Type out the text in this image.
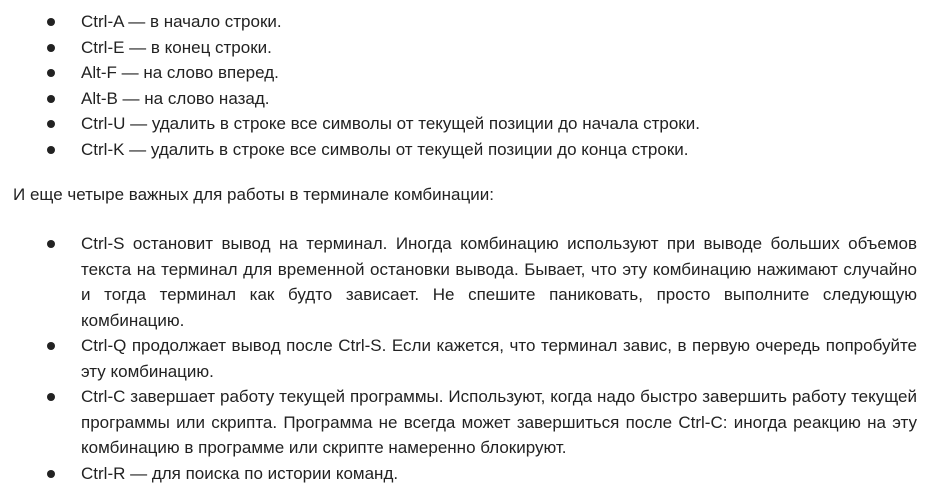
Ctrl-A — в начало строки.
Ctrl-E — в конец строки.
Alt-F — на слово вперед.
Alt-B — на слово назад.
Ctrl-U — удалить в строке все символы от текущей позиции до начала строки.
Ctrl-K — удалить в строке все символы от текущей позиции до конца строки.

И еще четыре важных для работы в терминале комбинации:

Ctrl-S остановит вывод на терминал. Иногда комбинацию используют при выводе больших объемов текста на терминал для временной остановки вывода. Бывает, что эту комбинацию нажимают случайно и тогда терминал как будто зависает. Не спешите паниковать, просто выполните следующую комбинацию.
Ctrl-Q продолжает вывод после Ctrl-S. Если кажется, что терминал завис, в первую очередь попробуйте эту комбинацию.
Ctrl-C завершает работу текущей программы. Используют, когда надо быстро завершить работу текущей программы или скрипта. Программа не всегда может завершиться после Ctrl-C: иногда реакцию на эту комбинацию в программе или скрипте намеренно блокируют.
Ctrl-R — для поиска по истории команд.
